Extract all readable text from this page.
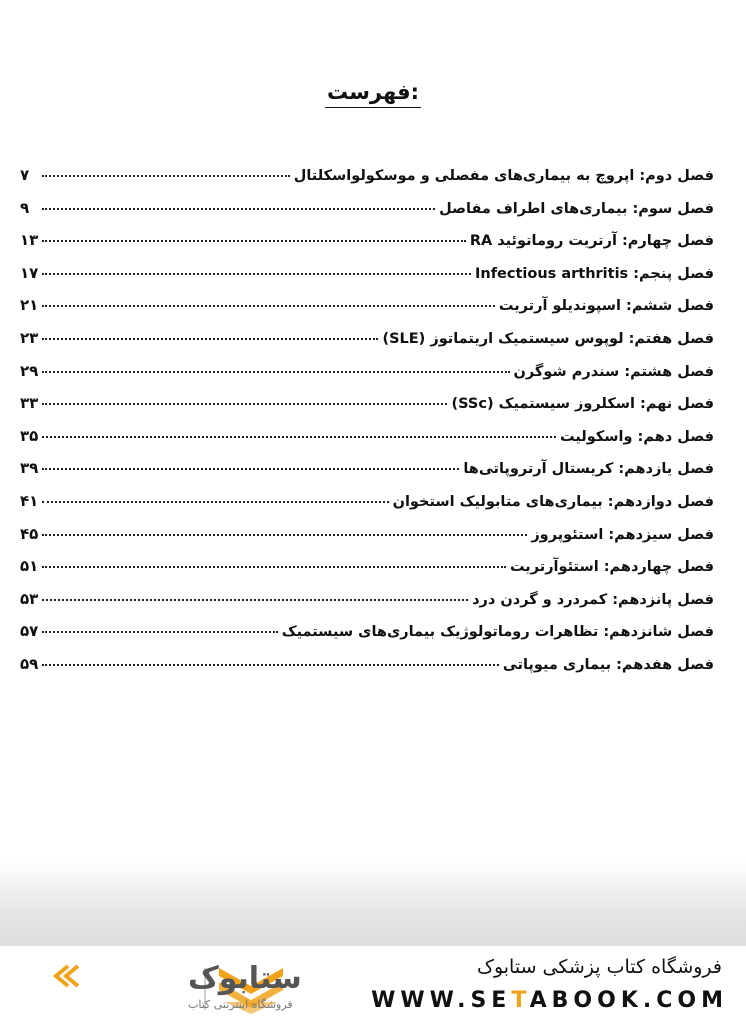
فهرست:
فصل دوم: اپروچ به بیماری‌های مفصلی و موسکولواسکلتال
۷
فصل سوم: بیماری‌های اطراف مفاصل
۹
فصل چهارم: آرتریت روماتوئید RA
۱۳
فصل پنجم: Infectious arthritis
۱۷
فصل ششم: اسپوندیلو آرتریت
۲۱
فصل هفتم: لوپوس سیستمیک اریتماتوز (SLE)
۲۳
فصل هشتم: سندرم شوگرن
۲۹
فصل نهم: اسکلروز سیستمیک (SSc)
۳۳
فصل دهم: واسکولیت
۳۵
فصل یازدهم: کریستال آرتروپاتی‌ها
۳۹
فصل دوازدهم: بیماری‌های متابولیک استخوان
۴۱
فصل سیزدهم: استئوپروز
۴۵
فصل چهاردهم: استئوآرتریت
۵۱
فصل پانزدهم: کمردرد و گردن درد
۵۳
فصل شانزدهم: تظاهرات روماتولوژیک بیماری‌های سیستمیک
۵۷
فصل هفدهم: بیماری میوپاتی
۵۹
فروشگاه کتاب پزشکی ستابوک
WWW.SETABOOK.COM
ستابوک
فروشگاه اینترنتی کتاب
